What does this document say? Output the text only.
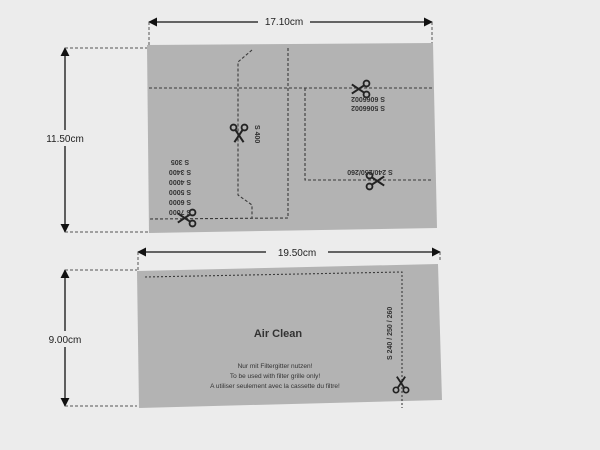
17.10cm
11.50cm
S 5066002
S 6066002
S 240/250/260
S 400
S 7000
S 6000
S 5000
S 4000
S 3400
S 305
19.50cm
9.00cm
Air Clean
Nur mit Filtergitter nutzen!
To be used with filter grille only!
A utiliser seulement avec la cassette du filtre!
S 240 / 250 / 260
